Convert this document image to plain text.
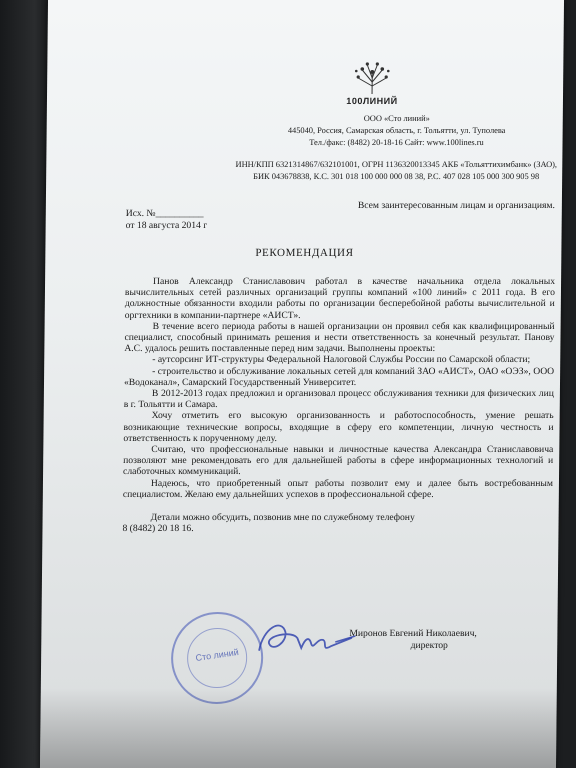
100ЛИНИЙ
ООО «Сто линий»
445040, Россия, Самарская область, г. Тольятти, ул. Туполева
Тел./факс: (8482) 20-18-16 Сайт: www.100lines.ru
ИНН/КПП 6321314867/632101001, ОГРН 1136320013345 АКБ «Тольяттихимбанк» (ЗАО),
БИК 043678838, К.С. 301 018 100 000 000 08 38, Р.С. 407 028 105 000 300 905 98
Всем заинтересованным лицам и организациям.
Исх. №__________
от 18 августа 2014 г
РЕКОМЕНДАЦИЯ

Панов Александр Станиславович работал в качестве начальника отдела локальных вычислительных сетей различных организаций группы компаний «100 линий» с 2011 года. В его должностные обязанности входили работы по организации бесперебойной работы вычислительной и оргтехники в компании-партнере «АИСТ».

В течение всего периода работы в нашей организации он проявил себя как квалифицированный специалист, способный принимать решения и нести ответственность за конечный результат. Панову А.С. удалось решить поставленные перед ним задачи. Выполнены проекты:

- аутсорсинг ИТ-структуры Федеральной Налоговой Службы России по Самарской области;

- строительство и обслуживание локальных сетей для компаний ЗАО «АИСТ», ОАО «ОЭЗ», ООО «Водоканал», Самарский Государственный Университет.

В 2012-2013 годах предложил и организовал процесс обслуживания техники для физических лиц в г. Тольятти и Самара.

Хочу отметить его высокую организованность и работоспособность, умение решать возникающие технические вопросы, входящие в сферу его компетенции, личную честность и ответственность к порученному делу.

Считаю, что профессиональные навыки и личностные качества Александра Станиславовича позволяют мне рекомендовать его для дальнейшей работы в сфере информационных технологий и слаботочных коммуникаций.

Надеюсь, что приобретенный опыт работы позволит ему и далее быть востребованным специалистом. Желаю ему дальнейших успехов в профессиональной сфере.

Детали можно обсудить, позвонив мне по служебному телефону

8 (8482) 20 18 16.

Сто линий
Миронов Евгений Николаевич,
директор
